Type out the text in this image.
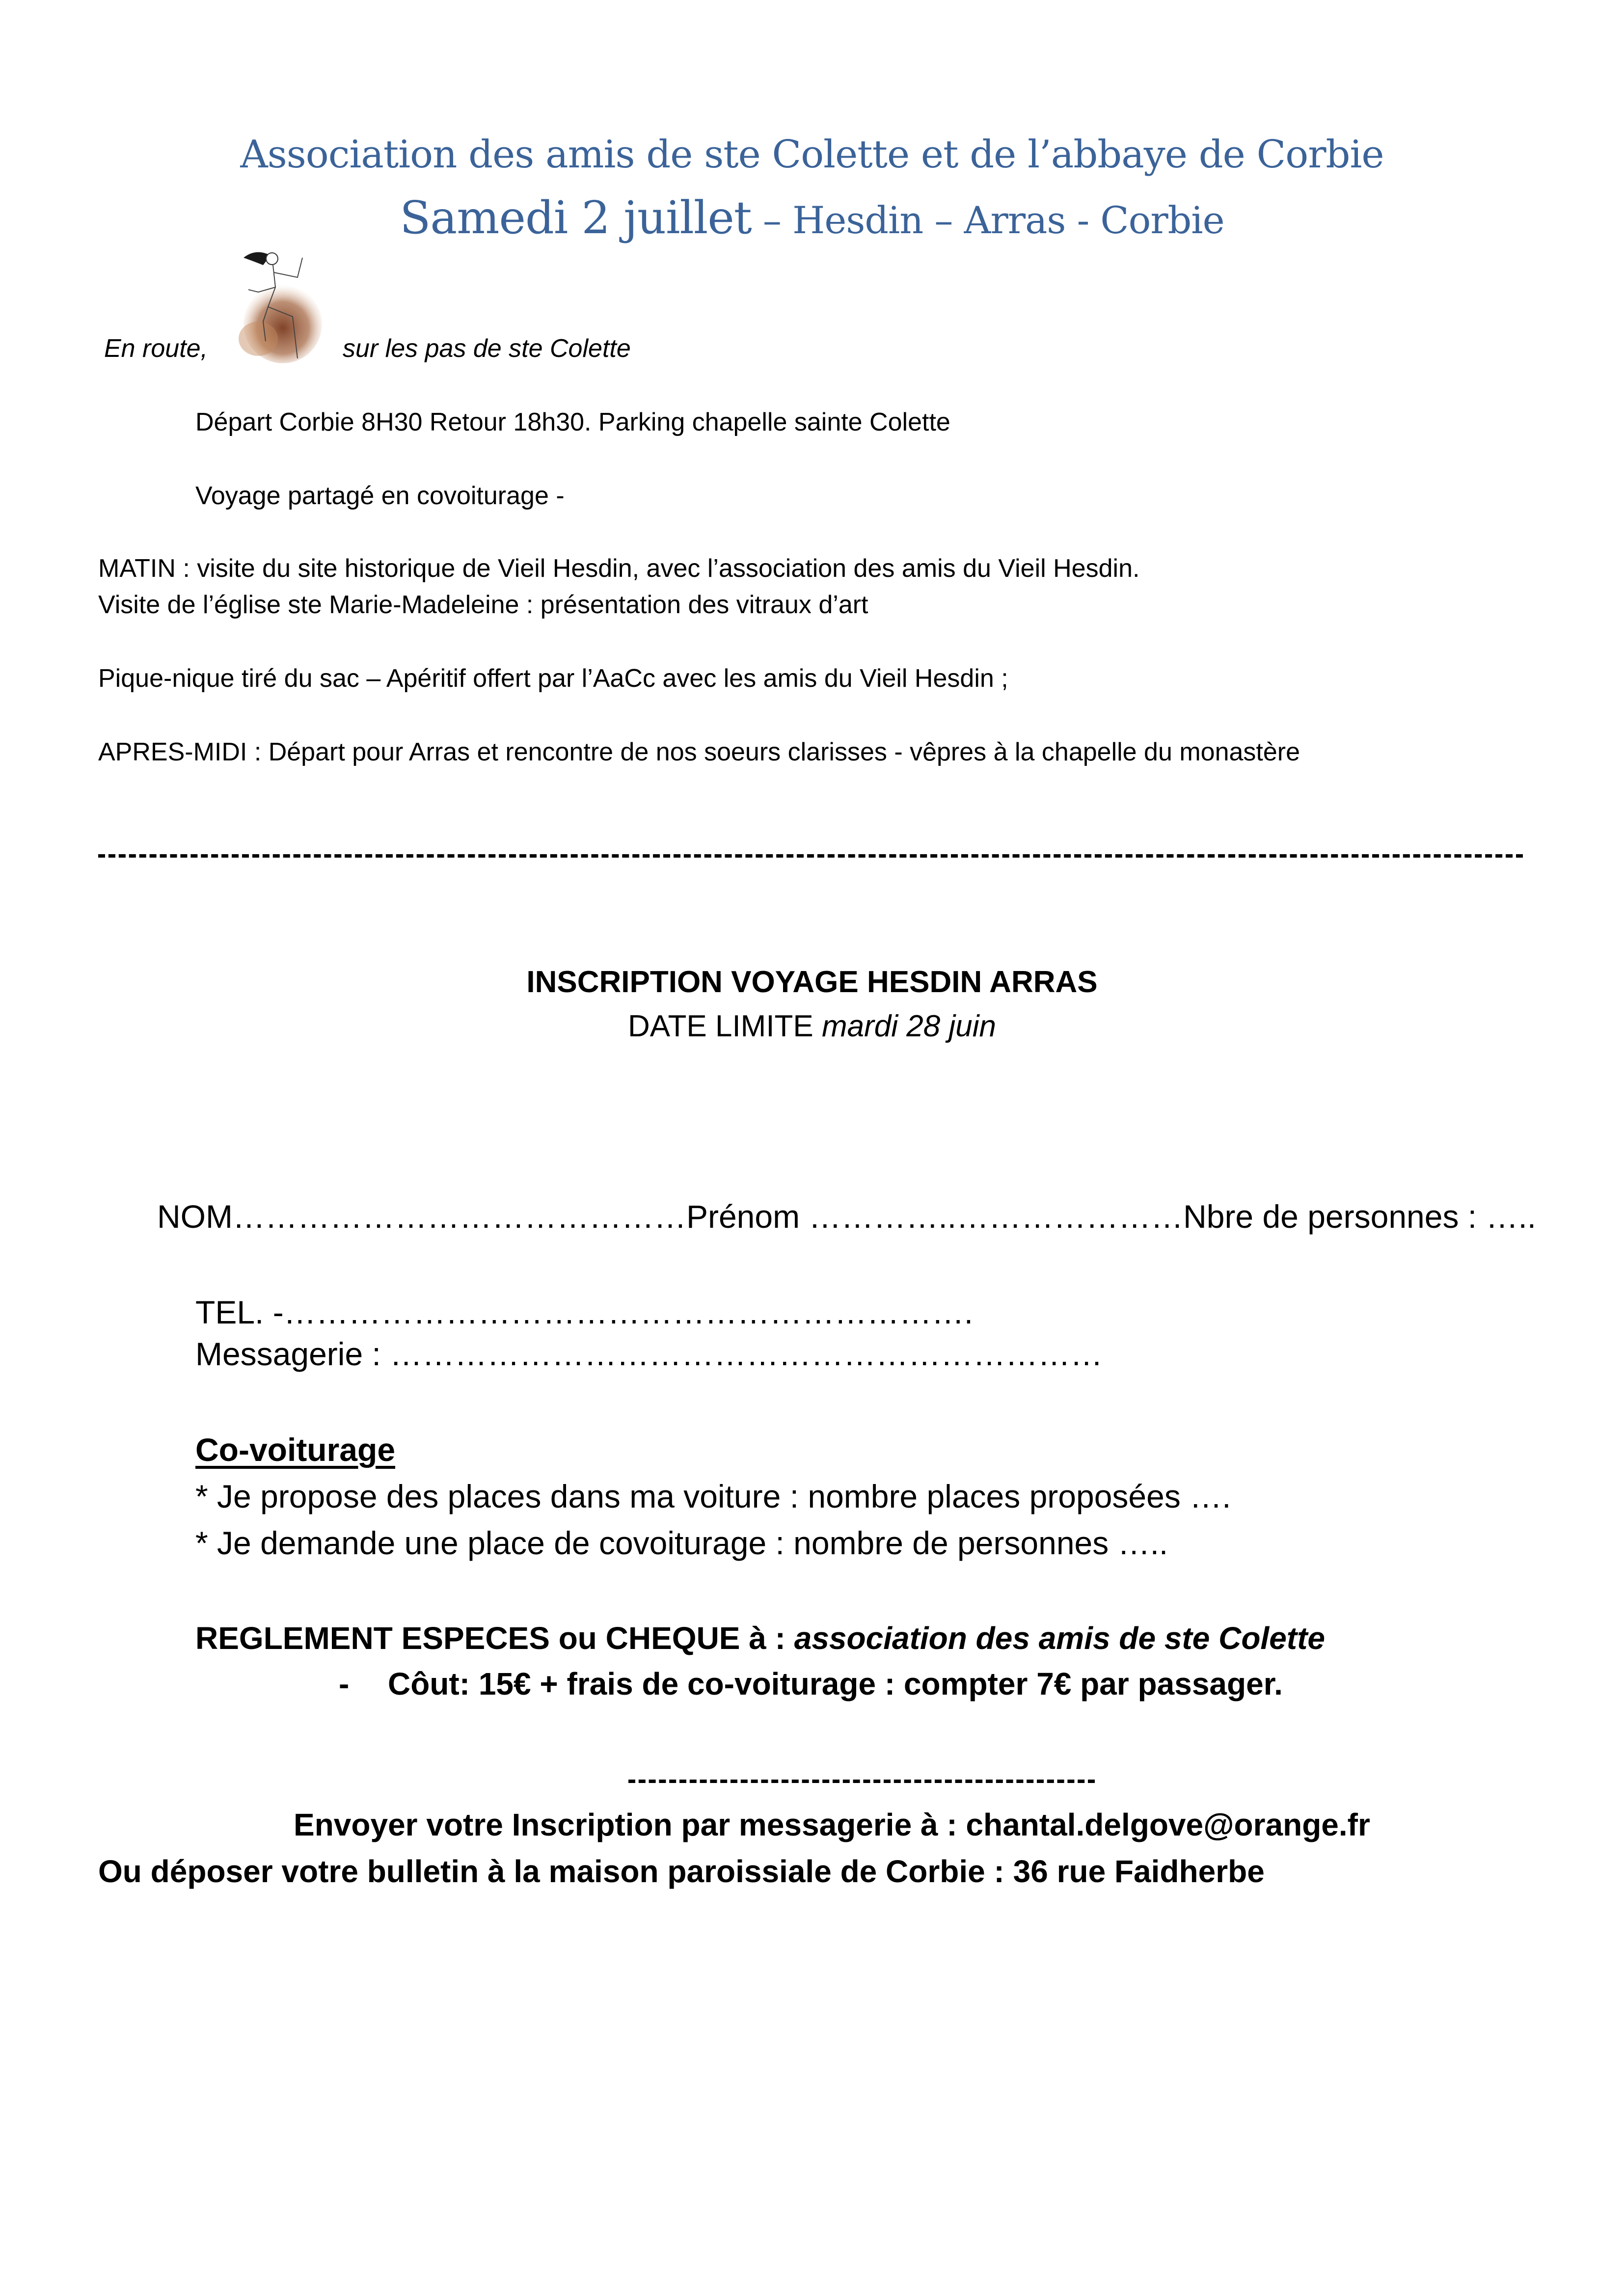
Association des amis de ste Colette et de l’abbaye de Corbie
Samedi 2 juillet – Hesdin – Arras - Corbie
En route,	sur les pas de ste Colette
Départ Corbie 8H30 Retour 18h30. Parking chapelle sainte Colette
Voyage partagé en covoiturage -
MATIN : visite du site historique de Vieil Hesdin, avec l’association des amis du Vieil Hesdin.
Visite de l’église ste Marie-Madeleine : présentation des vitraux d’art
Pique-nique tiré du sac – Apéritif offert par l’AaCc avec les amis du Vieil Hesdin ;
APRES-MIDI : Départ pour Arras et rencontre de nos soeurs clarisses - vêpres à la chapelle du monastère
INSCRIPTION VOYAGE HESDIN ARRAS
DATE LIMITE mardi 28 juin
NOM……………………………………Prénom …………..…………………Nbre de personnes : …..
TEL. -……………………………………………………….
Messagerie : …………………………………………………………
Co-voiturage
* Je propose des places dans ma voiture : nombre places proposées ….
* Je demande une place de covoiturage : nombre de personnes …..
REGLEMENT ESPECES ou CHEQUE à : association des amis de ste Colette
- Côut: 15€ + frais de co-voiturage : compter 7€ par passager.
Envoyer votre Inscription par messagerie à : chantal.delgove@orange.fr
Ou déposer votre bulletin à la maison paroissiale de Corbie : 36 rue Faidherbe
